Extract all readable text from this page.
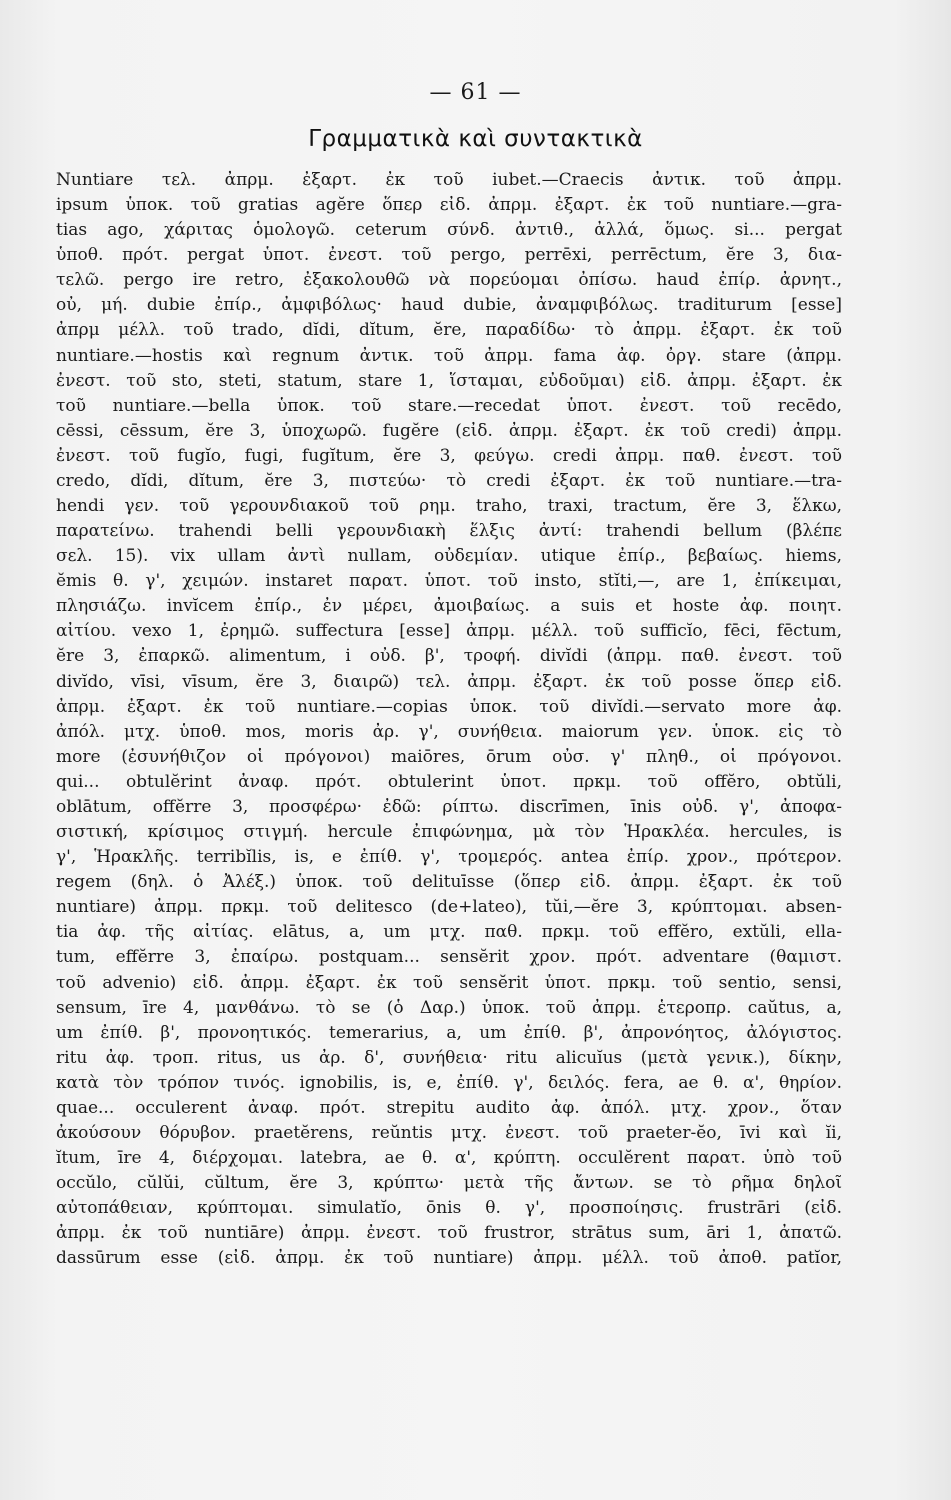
— 61 —
Γραμματικὰ καὶ συντακτικὰ
Nuntiare τελ. ἀπρμ. ἐξαρτ. ἐκ τοῦ iubet.—Craecis ἀντικ. τοῦ ἀπρμ.
ipsum ὑποκ. τοῦ gratias agĕre ὅπερ εἰδ. ἀπρμ. ἐξαρτ. ἐκ τοῦ nuntiare.—gra-
tias ago, χάριτας ὁμολογῶ. ceterum σύνδ. ἀντιθ., ἀλλά, ὅμως. si... pergat
ὑποθ. πρότ. pergat ὑποτ. ἐνεστ. τοῦ pergo, perrēxi, perrēctum, ĕre 3, δια-
τελῶ. pergo ire retro, ἐξακολουθῶ νὰ πορεύομαι ὀπίσω. haud ἐπίρ. ἀρνητ.,
οὐ, μή. dubie ἐπίρ., ἀμφιβόλως· haud dubie, ἀναμφιβόλως. traditurum [esse]
ἀπρμ μέλλ. τοῦ trado, dĭdi, dĭtum, ĕre, παραδίδω· τὸ ἀπρμ. ἐξαρτ. ἐκ τοῦ
nuntiare.—hostis καὶ regnum ἀντικ. τοῦ ἀπρμ. fama ἀφ. ὀργ. stare (ἀπρμ.
ἐνεστ. τοῦ sto, steti, statum, stare 1, ἵσταμαι, εὐδοῦμαι) εἰδ. ἀπρμ. ἐξαρτ. ἐκ
τοῦ nuntiare.—bella ὑποκ. τοῦ stare.—recedat ὑποτ. ἐνεστ. τοῦ recēdo,
cēssi, cēssum, ĕre 3, ὑποχωρῶ. fugĕre (εἰδ. ἀπρμ. ἐξαρτ. ἐκ τοῦ credi) ἀπρμ.
ἐνεστ. τοῦ fugĭo, fugi, fugĭtum, ĕre 3, φεύγω. credi ἀπρμ. παθ. ἐνεστ. τοῦ
credo, dĭdi, dĭtum, ĕre 3, πιστεύω· τὸ credi ἐξαρτ. ἐκ τοῦ nuntiare.—tra-
hendi γεν. τοῦ γερουνδιακοῦ τοῦ ρημ. traho, traxi, tractum, ĕre 3, ἕλκω,
παρατείνω. trahendi belli γερουνδιακὴ ἕλξις ἀντί: trahendi bellum (βλέπε
σελ. 15). vix ullam ἀντὶ nullam, οὐδεμίαν. utique ἐπίρ., βεβαίως. hiems,
ĕmis θ. γ', χειμών. instaret παρατ. ὑποτ. τοῦ insto, stĭti,—, are 1, ἐπίκειμαι,
πλησιάζω. invĭcem ἐπίρ., ἐν μέρει, ἀμοιβαίως. a suis et hoste ἀφ. ποιητ.
αἰτίου. vexo 1, ἐρημῶ. suffectura [esse] ἀπρμ. μέλλ. τοῦ sufficĭo, fēci, fēctum,
ĕre 3, ἐπαρκῶ. alimentum, i οὐδ. β', τροφή. divĭdi (ἀπρμ. παθ. ἐνεστ. τοῦ
divĭdo, vīsi, vīsum, ĕre 3, διαιρῶ) τελ. ἀπρμ. ἐξαρτ. ἐκ τοῦ posse ὅπερ εἰδ.
ἀπρμ. ἐξαρτ. ἐκ τοῦ nuntiare.—copias ὑποκ. τοῦ divĭdi.—servato more ἀφ.
ἀπόλ. μτχ. ὑποθ. mos, moris ἀρ. γ', συνήθεια. maiorum γεν. ὑποκ. εἰς τὸ
more (ἐσυνήθιζον οἱ πρόγονοι) maiōres, ōrum οὐσ. γ' πληθ., οἱ πρόγονοι.
qui... obtulĕrint ἀναφ. πρότ. obtulerint ὑποτ. πρκμ. τοῦ offĕro, obtŭli,
oblātum, offĕrre 3, προσφέρω· ἐδῶ: ρίπτω. discrīmen, īnis οὐδ. γ', ἀποφα-
σιστική, κρίσιμος στιγμή. hercule ἐπιφώνημα, μὰ τὸν Ἡρακλέα. hercules, is
γ', Ἡρακλῆς. terribĭlis, is, e ἐπίθ. γ', τρομερός. antea ἐπίρ. χρον., πρότερον.
regem (δηλ. ὁ Ἀλέξ.) ὑποκ. τοῦ delituīsse (ὅπερ εἰδ. ἀπρμ. ἐξαρτ. ἐκ τοῦ
nuntiare) ἀπρμ. πρκμ. τοῦ delitesco (de+lateo), tŭi,—ĕre 3, κρύπτομαι. absen-
tia ἀφ. τῆς αἰτίας. elātus, a, um μτχ. παθ. πρκμ. τοῦ effĕro, extŭli, ella-
tum, effĕrre 3, ἐπαίρω. postquam... sensĕrit χρον. πρότ. adventare (θαμιστ.
τοῦ advenio) εἰδ. ἀπρμ. ἐξαρτ. ἐκ τοῦ sensĕrit ὑποτ. πρκμ. τοῦ sentio, sensi,
sensum, īre 4, μανθάνω. τὸ se (ὁ Δαρ.) ὑποκ. τοῦ ἀπρμ. ἑτεροπρ. caŭtus, a,
um ἐπίθ. β', προνοητικός. temerarius, a, um ἐπίθ. β', ἀπρονόητος, ἀλόγιστος.
ritu ἀφ. τροπ. ritus, us ἀρ. δ', συνήθεια· ritu alicuĭus (μετὰ γενικ.), δίκην,
κατὰ τὸν τρόπον τινός. ignobilis, is, e, ἐπίθ. γ', δειλός. fera, ae θ. α', θηρίον.
quae... occulerent ἀναφ. πρότ. strepitu audito ἀφ. ἀπόλ. μτχ. χρον., ὅταν
ἀκούσουν θόρυβον. praetĕrens, reŭntis μτχ. ἐνεστ. τοῦ praeter-ĕo, īvi καὶ ĭi,
ĭtum, īre 4, διέρχομαι. latebra, ae θ. α', κρύπτη. occulĕrent παρατ. ὑπὸ τοῦ
occŭlo, cŭlŭi, cŭltum, ĕre 3, κρύπτω· μετὰ τῆς ἄντων. se τὸ ρῆμα δηλοῖ
αὐτοπάθειαν, κρύπτομαι. simulatĭo, ōnis θ. γ', προσποίησις. frustrāri (εἰδ.
ἀπρμ. ἐκ τοῦ nuntiāre) ἀπρμ. ἐνεστ. τοῦ frustror, strātus sum, āri 1, ἀπατῶ.
dassūrum esse (εἰδ. ἀπρμ. ἐκ τοῦ nuntiare) ἀπρμ. μέλλ. τοῦ ἀποθ. patĭor,
